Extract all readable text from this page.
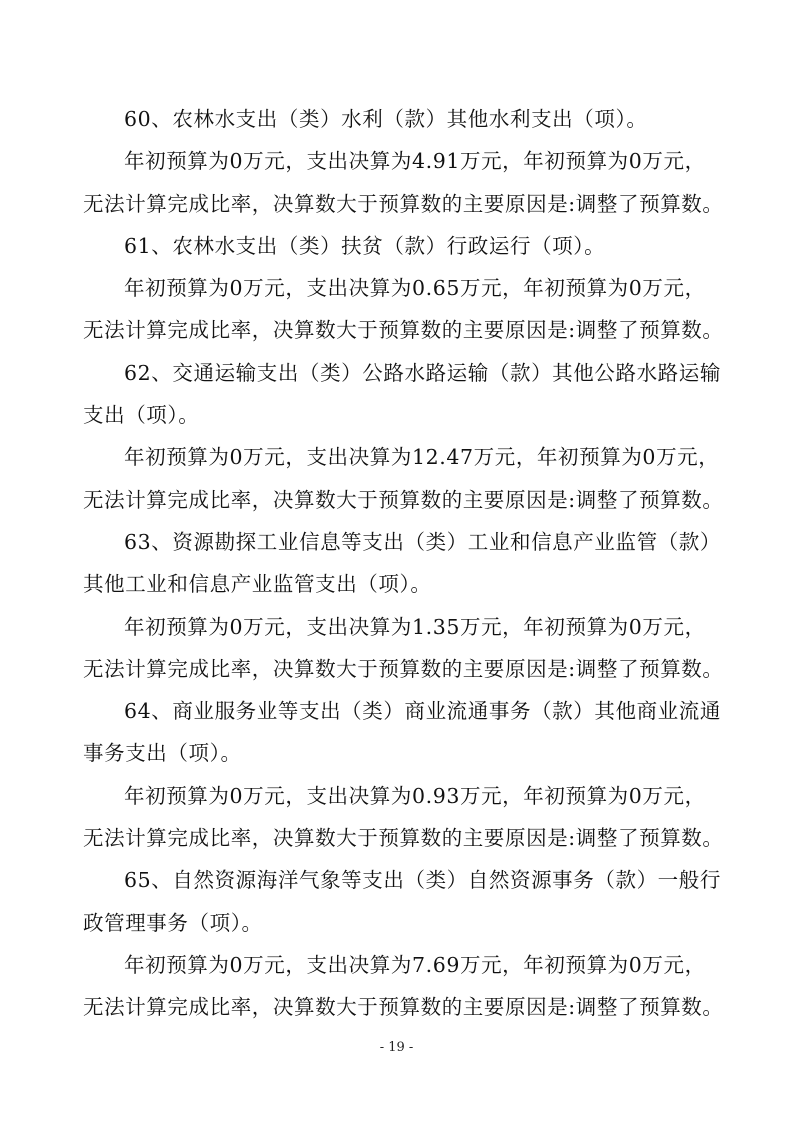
60、农林水支出（类）水利（款）其他水利支出（项）。
年初预算为0万元，支出决算为4.91万元，年初预算为0万元，
无法计算完成比率，决算数大于预算数的主要原因是:调整了预算数。
61、农林水支出（类）扶贫（款）行政运行（项）。
年初预算为0万元，支出决算为0.65万元，年初预算为0万元，
无法计算完成比率，决算数大于预算数的主要原因是:调整了预算数。
62、交通运输支出（类）公路水路运输（款）其他公路水路运输
支出（项）。
年初预算为0万元，支出决算为12.47万元，年初预算为0万元，
无法计算完成比率，决算数大于预算数的主要原因是:调整了预算数。
63、资源勘探工业信息等支出（类）工业和信息产业监管（款）
其他工业和信息产业监管支出（项）。
年初预算为0万元，支出决算为1.35万元，年初预算为0万元，
无法计算完成比率，决算数大于预算数的主要原因是:调整了预算数。
64、商业服务业等支出（类）商业流通事务（款）其他商业流通
事务支出（项）。
年初预算为0万元，支出决算为0.93万元，年初预算为0万元，
无法计算完成比率，决算数大于预算数的主要原因是:调整了预算数。
65、自然资源海洋气象等支出（类）自然资源事务（款）一般行
政管理事务（项）。
年初预算为0万元，支出决算为7.69万元，年初预算为0万元，
无法计算完成比率，决算数大于预算数的主要原因是:调整了预算数。
- 19 -
